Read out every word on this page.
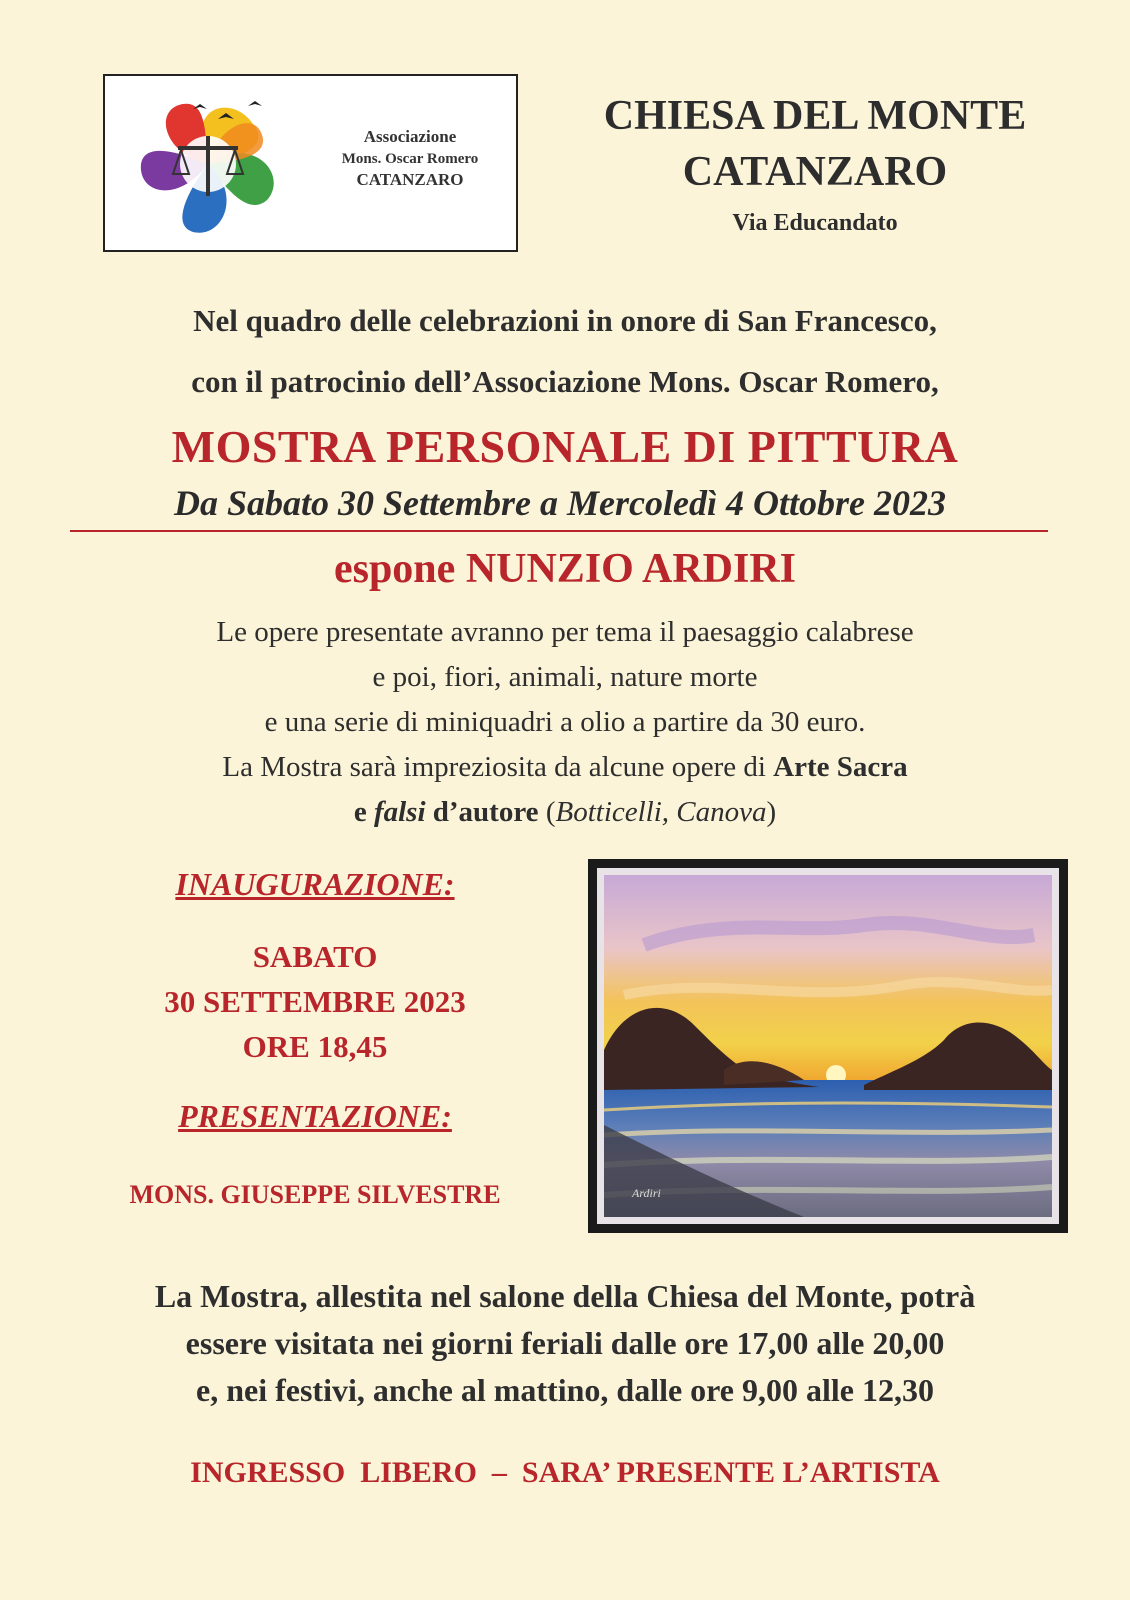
Associazione
Mons. Oscar Romero
CATANZARO
CHIESA DEL MONTE
CATANZARO
Via Educandato
Nel quadro delle celebrazioni in onore di San Francesco,
con il patrocinio dell’Associazione Mons. Oscar Romero,
MOSTRA PERSONALE DI PITTURA
Da Sabato 30 Settembre a Mercoledì 4 Ottobre 2023
espone NUNZIO ARDIRI
Le opere presentate avranno per tema il paesaggio calabrese
e poi, fiori, animali, nature morte
e una serie di miniquadri a olio a partire da 30 euro.
La Mostra sarà impreziosita da alcune opere di Arte Sacra
e falsi d’autore (Botticelli, Canova)
INAUGURAZIONE:
SABATO
30 SETTEMBRE 2023
ORE 18,45
PRESENTAZIONE:
MONS. GIUSEPPE SILVESTRE	Ardiri
La Mostra, allestita nel salone della Chiesa del Monte, potrà
essere visitata nei giorni feriali dalle ore 17,00 alle 20,00
e, nei festivi, anche al mattino, dalle ore 9,00 alle 12,30
INGRESSO  LIBERO  –  SARA’ PRESENTE L’ARTISTA
